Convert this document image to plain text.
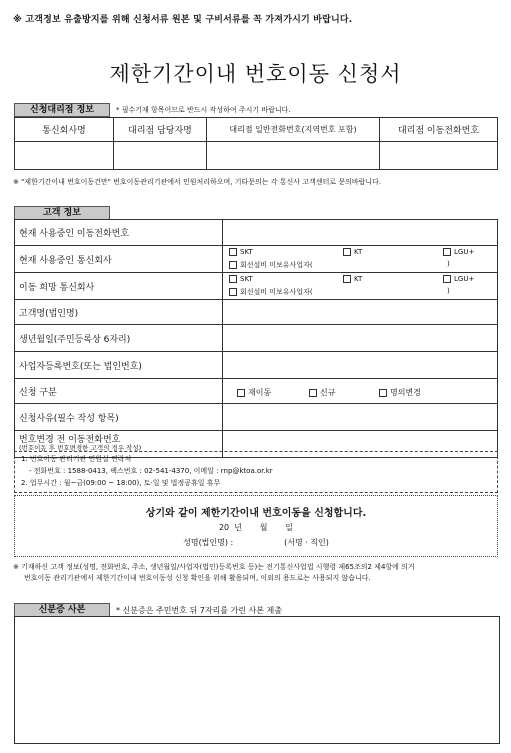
※ 고객정보 유출방지를 위해 신청서류 원본 및 구비서류를 꼭 가져가시기 바랍니다.
제한기간이내 번호이동 신청서
신청대리점 정보	* 필수기재 항목이므로 반드시 작성하여 주시기 바랍니다.
통신회사명	대리점 담당자명	대리점 일반전화번호(지역번호 포함)	대리점 이동전화번호

※ "제한기간이내 번호이동건만" 번호이동관리기관에서 민원처리하오며, 기타문의는 각 통신사 고객센터로 문의바랍니다.
고객 정보
현재 사용중인 이동전화번호	
현재 사용중인 통신회사	SKT KT LGU+
회선설비 미보유사업자( )

이동 희망 통신회사	SKT KT LGU+
회선설비 미보유사업자( )

고객명(법인명)	
생년월일(주민등록상 6자리)	
사업자등록번호(또는 법인번호)	
신청 구분	재이동 신규 명의변경

신청사유(필수 작성 항목)	

번호변경 전 이동전화번호
(번호이동 후 번호변경한 고객의 경우 작성)	

1. 번호이동 관리기관 민원실 연락처
- 전화번호 : 1588-0413, 팩스번호 : 02-541-4370, 이메일 : rnp@ktoa.or.kr
2. 업무시간 : 월~금(09:00 ~ 18:00), 토·일 및 법정공휴일 휴무
상기와 같이 제한기간이내 번호이동을 신청합니다.
20  년       월       일
성명(법인명) :                    (서명 · 직인)
※ 기재하신 고객 정보(성명, 전화번호, 주소, 생년월일/사업자(법인)등록번호 등)는 전기통신사업법 시행령 제65조의2 제4항에 의거
번호이동 관리기관에서 제한기간이내 번호이동성 신청 확인을 위해 활용되며, 이외의 용도로는 사용되지 않습니다.
신분증 사본	* 신분증은 주민번호 뒤 7자리를 가린 사본 제출
